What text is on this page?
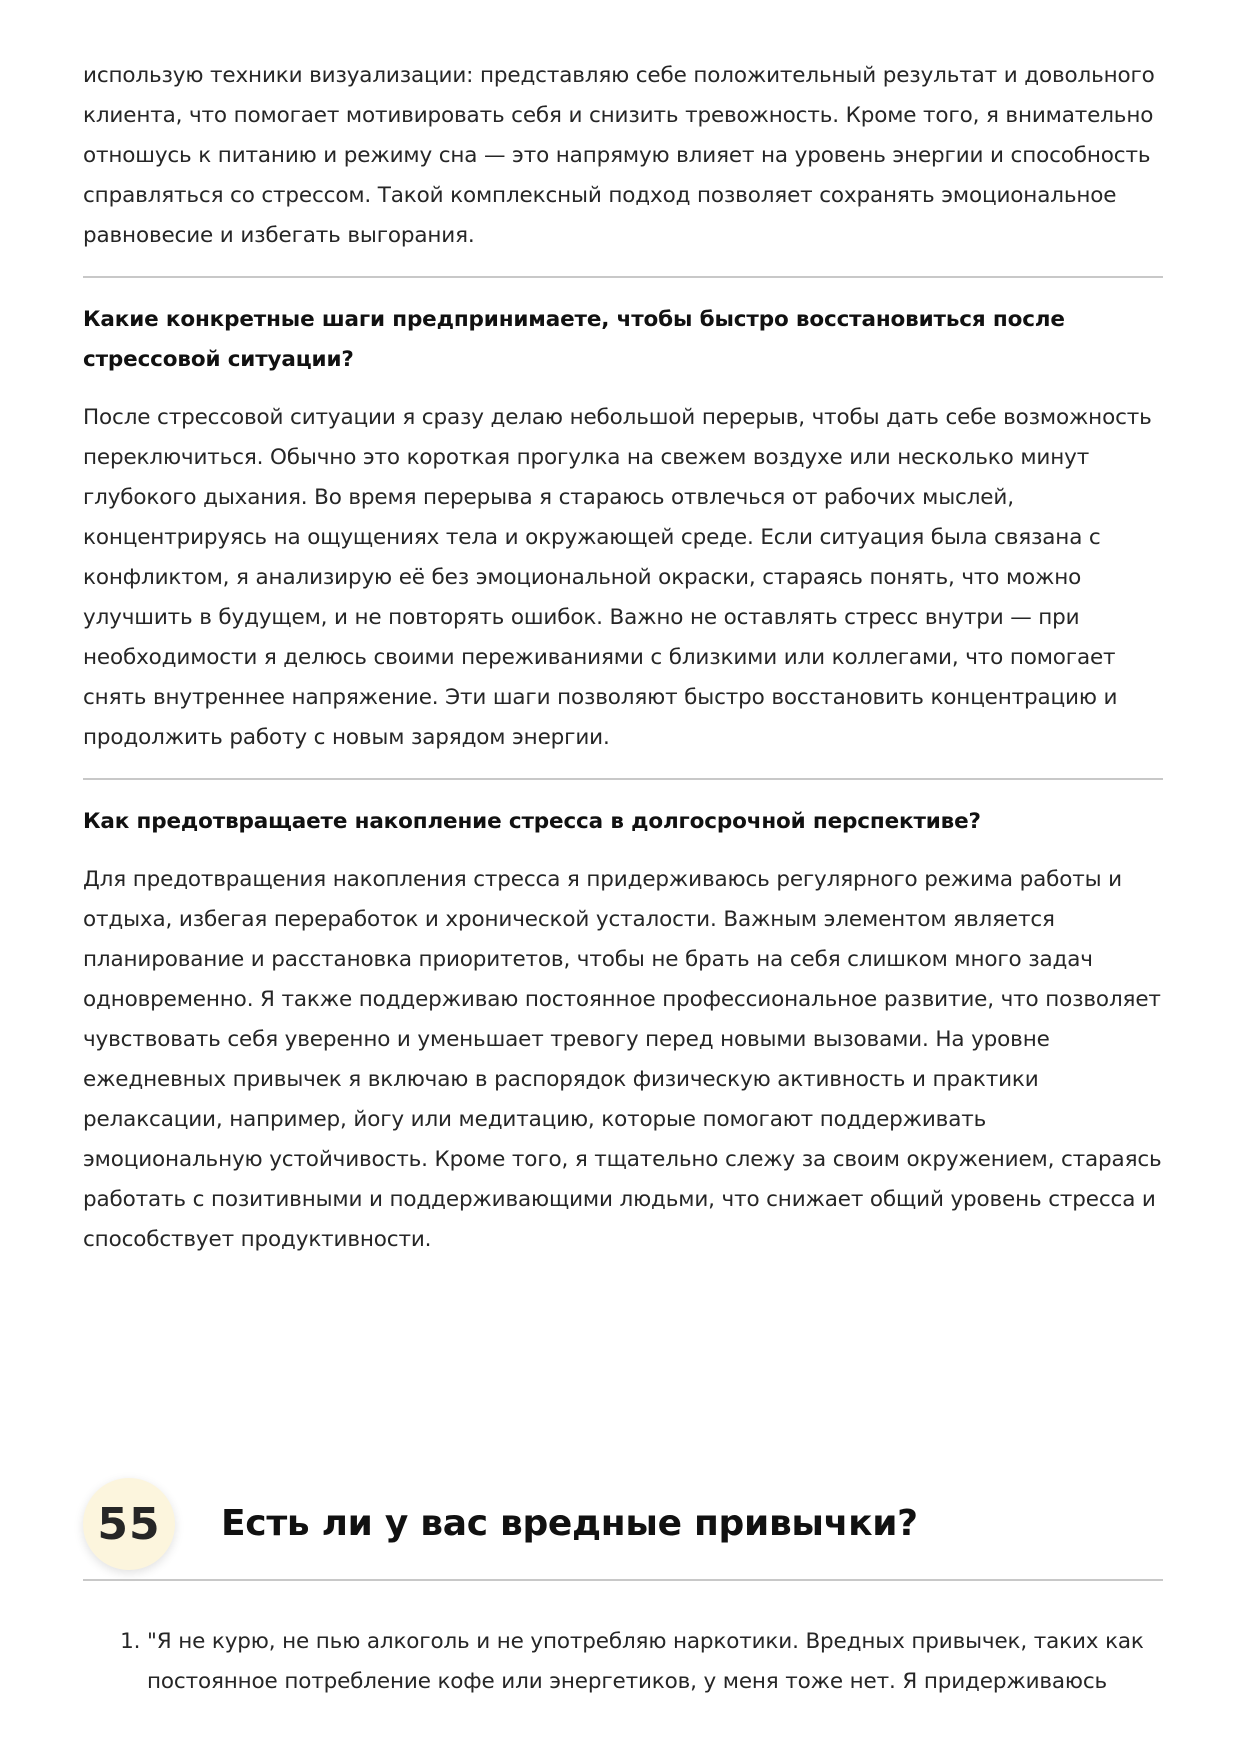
использую техники визуализации: представляю себе положительный результат и довольного клиента, что помогает мотивировать себя и снизить тревожность. Кроме того, я внимательно отношусь к питанию и режиму сна — это напрямую влияет на уровень энергии и способность справляться со стрессом. Такой комплексный подход позволяет сохранять эмоциональное равновесие и избегать выгорания.

Какие конкретные шаги предпринимаете, чтобы быстро восстановиться после стрессовой ситуации?

После стрессовой ситуации я сразу делаю небольшой перерыв, чтобы дать себе возможность переключиться. Обычно это короткая прогулка на свежем воздухе или несколько минут глубокого дыхания. Во время перерыва я стараюсь отвлечься от рабочих мыслей, концентрируясь на ощущениях тела и окружающей среде. Если ситуация была связана с конфликтом, я анализирую её без эмоциональной окраски, стараясь понять, что можно улучшить в будущем, и не повторять ошибок. Важно не оставлять стресс внутри — при необходимости я делюсь своими переживаниями с близкими или коллегами, что помогает снять внутреннее напряжение. Эти шаги позволяют быстро восстановить концентрацию и продолжить работу с новым зарядом энергии.

Как предотвращаете накопление стресса в долгосрочной перспективе?

Для предотвращения накопления стресса я придерживаюсь регулярного режима работы и отдыха, избегая переработок и хронической усталости. Важным элементом является планирование и расстановка приоритетов, чтобы не брать на себя слишком много задач одновременно. Я также поддерживаю постоянное профессиональное развитие, что позволяет чувствовать себя уверенно и уменьшает тревогу перед новыми вызовами. На уровне ежедневных привычек я включаю в распорядок физическую активность и практики релаксации, например, йогу или медитацию, которые помогают поддерживать эмоциональную устойчивость. Кроме того, я тщательно слежу за своим окружением, стараясь работать с позитивными и поддерживающими людьми, что снижает общий уровень стресса и способствует продуктивности.

55	Есть ли у вас вредные привычки?
1. "Я не курю, не пью алкоголь и не употребляю наркотики. Вредных привычек, таких как постоянное потребление кофе или энергетиков, у меня тоже нет. Я придерживаюсь
